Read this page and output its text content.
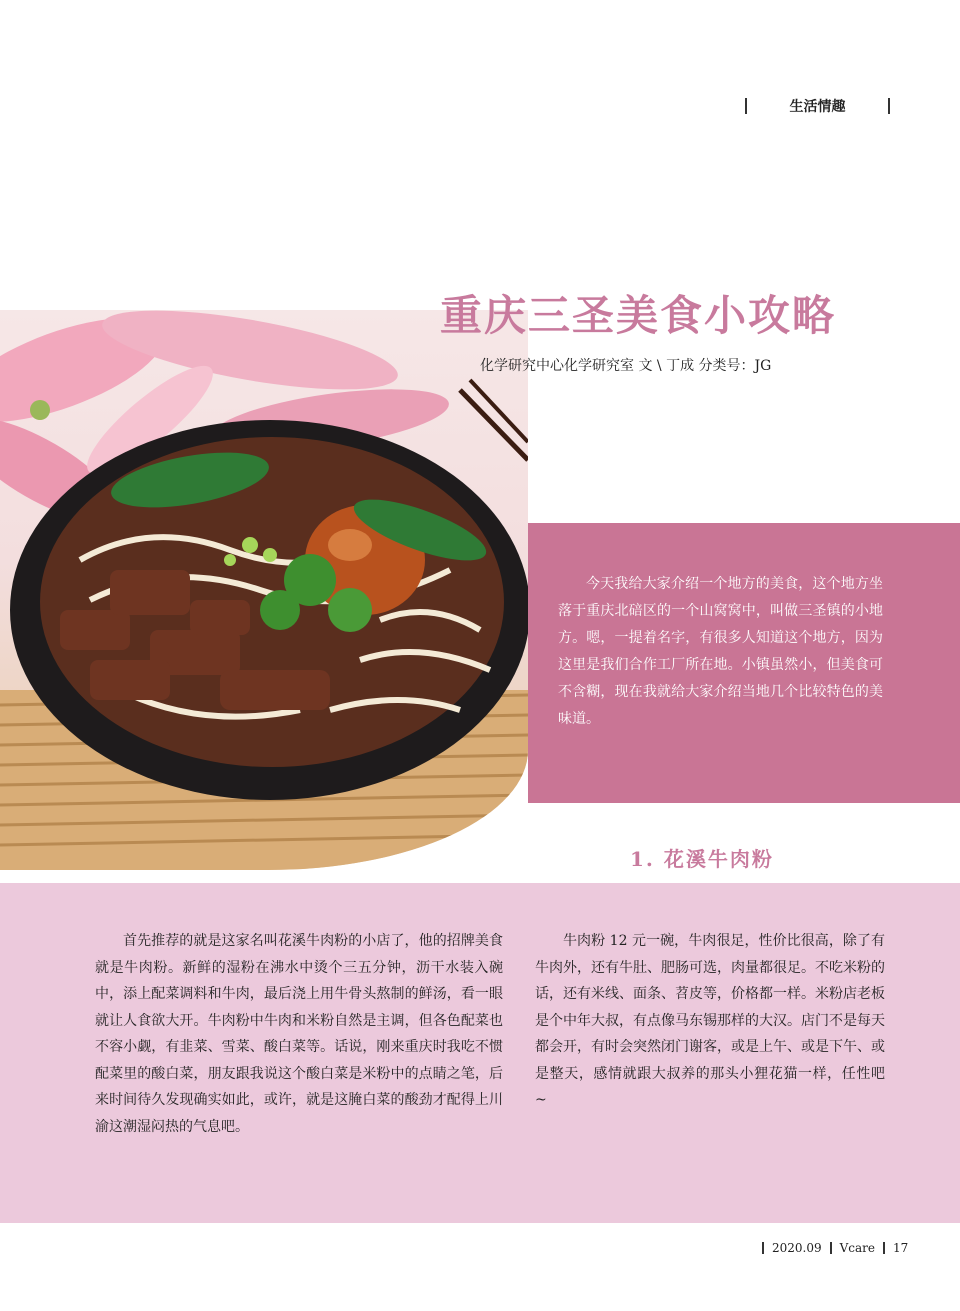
生活情趣
重庆三圣美食小攻略
化学研究中心化学研究室 文 \ 丁成 分类号：JG

今天我给大家介绍一个地方的美食，这个地方坐落于重庆北碚区的一个山窝窝中，叫做三圣镇的小地方。嗯，一提着名字，有很多人知道这个地方，因为这里是我们合作工厂所在地。小镇虽然小，但美食可不含糊，现在我就给大家介绍当地几个比较特色的美味道。

1. 花溪牛肉粉

首先推荐的就是这家名叫花溪牛肉粉的小店了，他的招牌美食就是牛肉粉。新鲜的湿粉在沸水中烫个三五分钟，沥干水装入碗中，添上配菜调料和牛肉，最后浇上用牛骨头熬制的鲜汤，看一眼就让人食欲大开。牛肉粉中牛肉和米粉自然是主调，但各色配菜也不容小觑，有韭菜、雪菜、酸白菜等。话说，刚来重庆时我吃不惯配菜里的酸白菜，朋友跟我说这个酸白菜是米粉中的点睛之笔，后来时间待久发现确实如此，或许，就是这腌白菜的酸劲才配得上川渝这潮湿闷热的气息吧。

牛肉粉 12 元一碗，牛肉很足，性价比很高，除了有牛肉外，还有牛肚、肥肠可选，肉量都很足。不吃米粉的话，还有米线、面条、苕皮等，价格都一样。米粉店老板是个中年大叔，有点像马东锡那样的大汉。店门不是每天都会开，有时会突然闭门谢客，或是上午、或是下午、或是整天，感情就跟大叔养的那头小狸花猫一样，任性吧 ~

2020.09 Vcare 17
